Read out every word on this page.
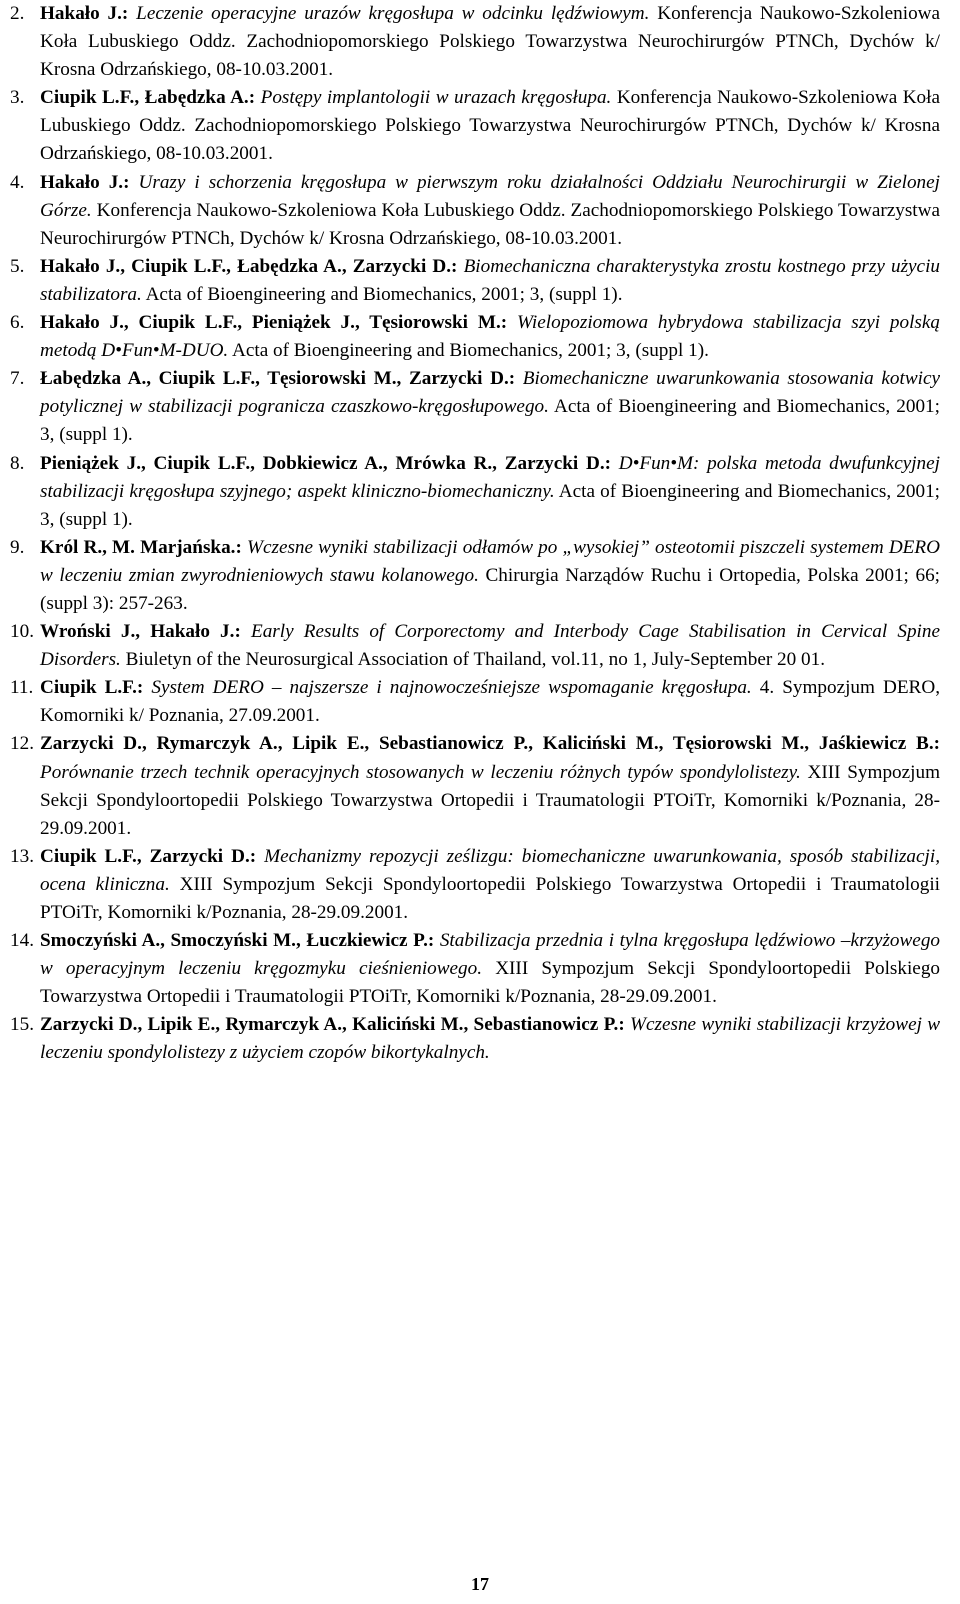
2. Hakało J.: Leczenie operacyjne urazów kręgosłupa w odcinku lędźwiowym. Konferencja Naukowo-Szkoleniowa Koła Lubuskiego Oddz. Zachodniopomorskiego Polskiego Towarzystwa Neurochirurgów PTNCh, Dychów k/ Krosna Odrzańskiego, 08-10.03.2001.
3. Ciupik L.F., Łabędzka A.: Postępy implantologii w urazach kręgosłupa. Konferencja Naukowo-Szkoleniowa Koła Lubuskiego Oddz. Zachodniopomorskiego Polskiego Towarzystwa Neurochirurgów PTNCh, Dychów k/ Krosna Odrzańskiego, 08-10.03.2001.
4. Hakało J.: Urazy i schorzenia kręgosłupa w pierwszym roku działalności Oddziału Neurochirurgii w Zielonej Górze. Konferencja Naukowo-Szkoleniowa Koła Lubuskiego Oddz. Zachodniopomorskiego Polskiego Towarzystwa Neurochirurgów PTNCh, Dychów k/ Krosna Odrzańskiego, 08-10.03.2001.
5. Hakało J., Ciupik L.F., Łabędzka A., Zarzycki D.: Biomechaniczna charakterystyka zrostu kostnego przy użyciu stabilizatora. Acta of Bioengineering and Biomechanics, 2001; 3, (suppl 1).
6. Hakało J., Ciupik L.F., Pieniążek J., Tęsiorowski M.: Wielopoziomowa hybrydowa stabilizacja szyi polską metodą D•Fun•M-DUO. Acta of Bioengineering and Biomechanics, 2001; 3, (suppl 1).
7. Łabędzka A., Ciupik L.F., Tęsiorowski M., Zarzycki D.: Biomechaniczne uwarunkowania stosowania kotwicy potylicznej w stabilizacji pogranicza czaszkowo-kręgosłupowego. Acta of Bioengineering and Biomechanics, 2001; 3, (suppl 1).
8. Pieniążek J., Ciupik L.F., Dobkiewicz A., Mrówka R., Zarzycki D.: D•Fun•M: polska metoda dwufunkcyjnej stabilizacji kręgosłupa szyjnego; aspekt kliniczno-biomechaniczny. Acta of Bioengineering and Biomechanics, 2001; 3, (suppl 1).
9. Król R., M. Marjańska.: Wczesne wyniki stabilizacji odłamów po „wysokiej” osteotomii piszczeli systemem DERO w leczeniu zmian zwyrodnieniowych stawu kolanowego. Chirurgia Narządów Ruchu i Ortopedia, Polska 2001; 66; (suppl 3): 257-263.
10. Wroński J., Hakało J.: Early Results of Corporectomy and Interbody Cage Stabilisation in Cervical Spine Disorders. Biuletyn of the Neurosurgical Association of Thailand, vol.11, no 1, July-September 20 01.
11. Ciupik L.F.: System DERO – najszersze i najnowocześniejsze wspomaganie kręgosłupa. 4. Sympozjum DERO, Komorniki k/ Poznania, 27.09.2001.
12. Zarzycki D., Rymarczyk A., Lipik E., Sebastianowicz P., Kaliciński M., Tęsiorowski M., Jaśkiewicz B.: Porównanie trzech technik operacyjnych stosowanych w leczeniu różnych typów spondylolistezy. XIII Sympozjum Sekcji Spondyloortopedii Polskiego Towarzystwa Ortopedii i Traumatologii PTOiTr, Komorniki k/Poznania, 28-29.09.2001.
13. Ciupik L.F., Zarzycki D.: Mechanizmy repozycji ześlizgu: biomechaniczne uwarunkowania, sposób stabilizacji, ocena kliniczna. XIII Sympozjum Sekcji Spondyloortopedii Polskiego Towarzystwa Ortopedii i Traumatologii PTOiTr, Komorniki k/Poznania, 28-29.09.2001.
14. Smoczyński A., Smoczyński M., Łuczkiewicz P.: Stabilizacja przednia i tylna kręgosłupa lędźwiowo –krzyżowego w operacyjnym leczeniu kręgozmyku cieśnieniowego. XIII Sympozjum Sekcji Spondyloortopedii Polskiego Towarzystwa Ortopedii i Traumatologii PTOiTr, Komorniki k/Poznania, 28-29.09.2001.
15. Zarzycki D., Lipik E., Rymarczyk A., Kaliciński M., Sebastianowicz P.: Wczesne wyniki stabilizacji krzyżowej w leczeniu spondylolistezy z użyciem czopów bikortykalnych.
17
